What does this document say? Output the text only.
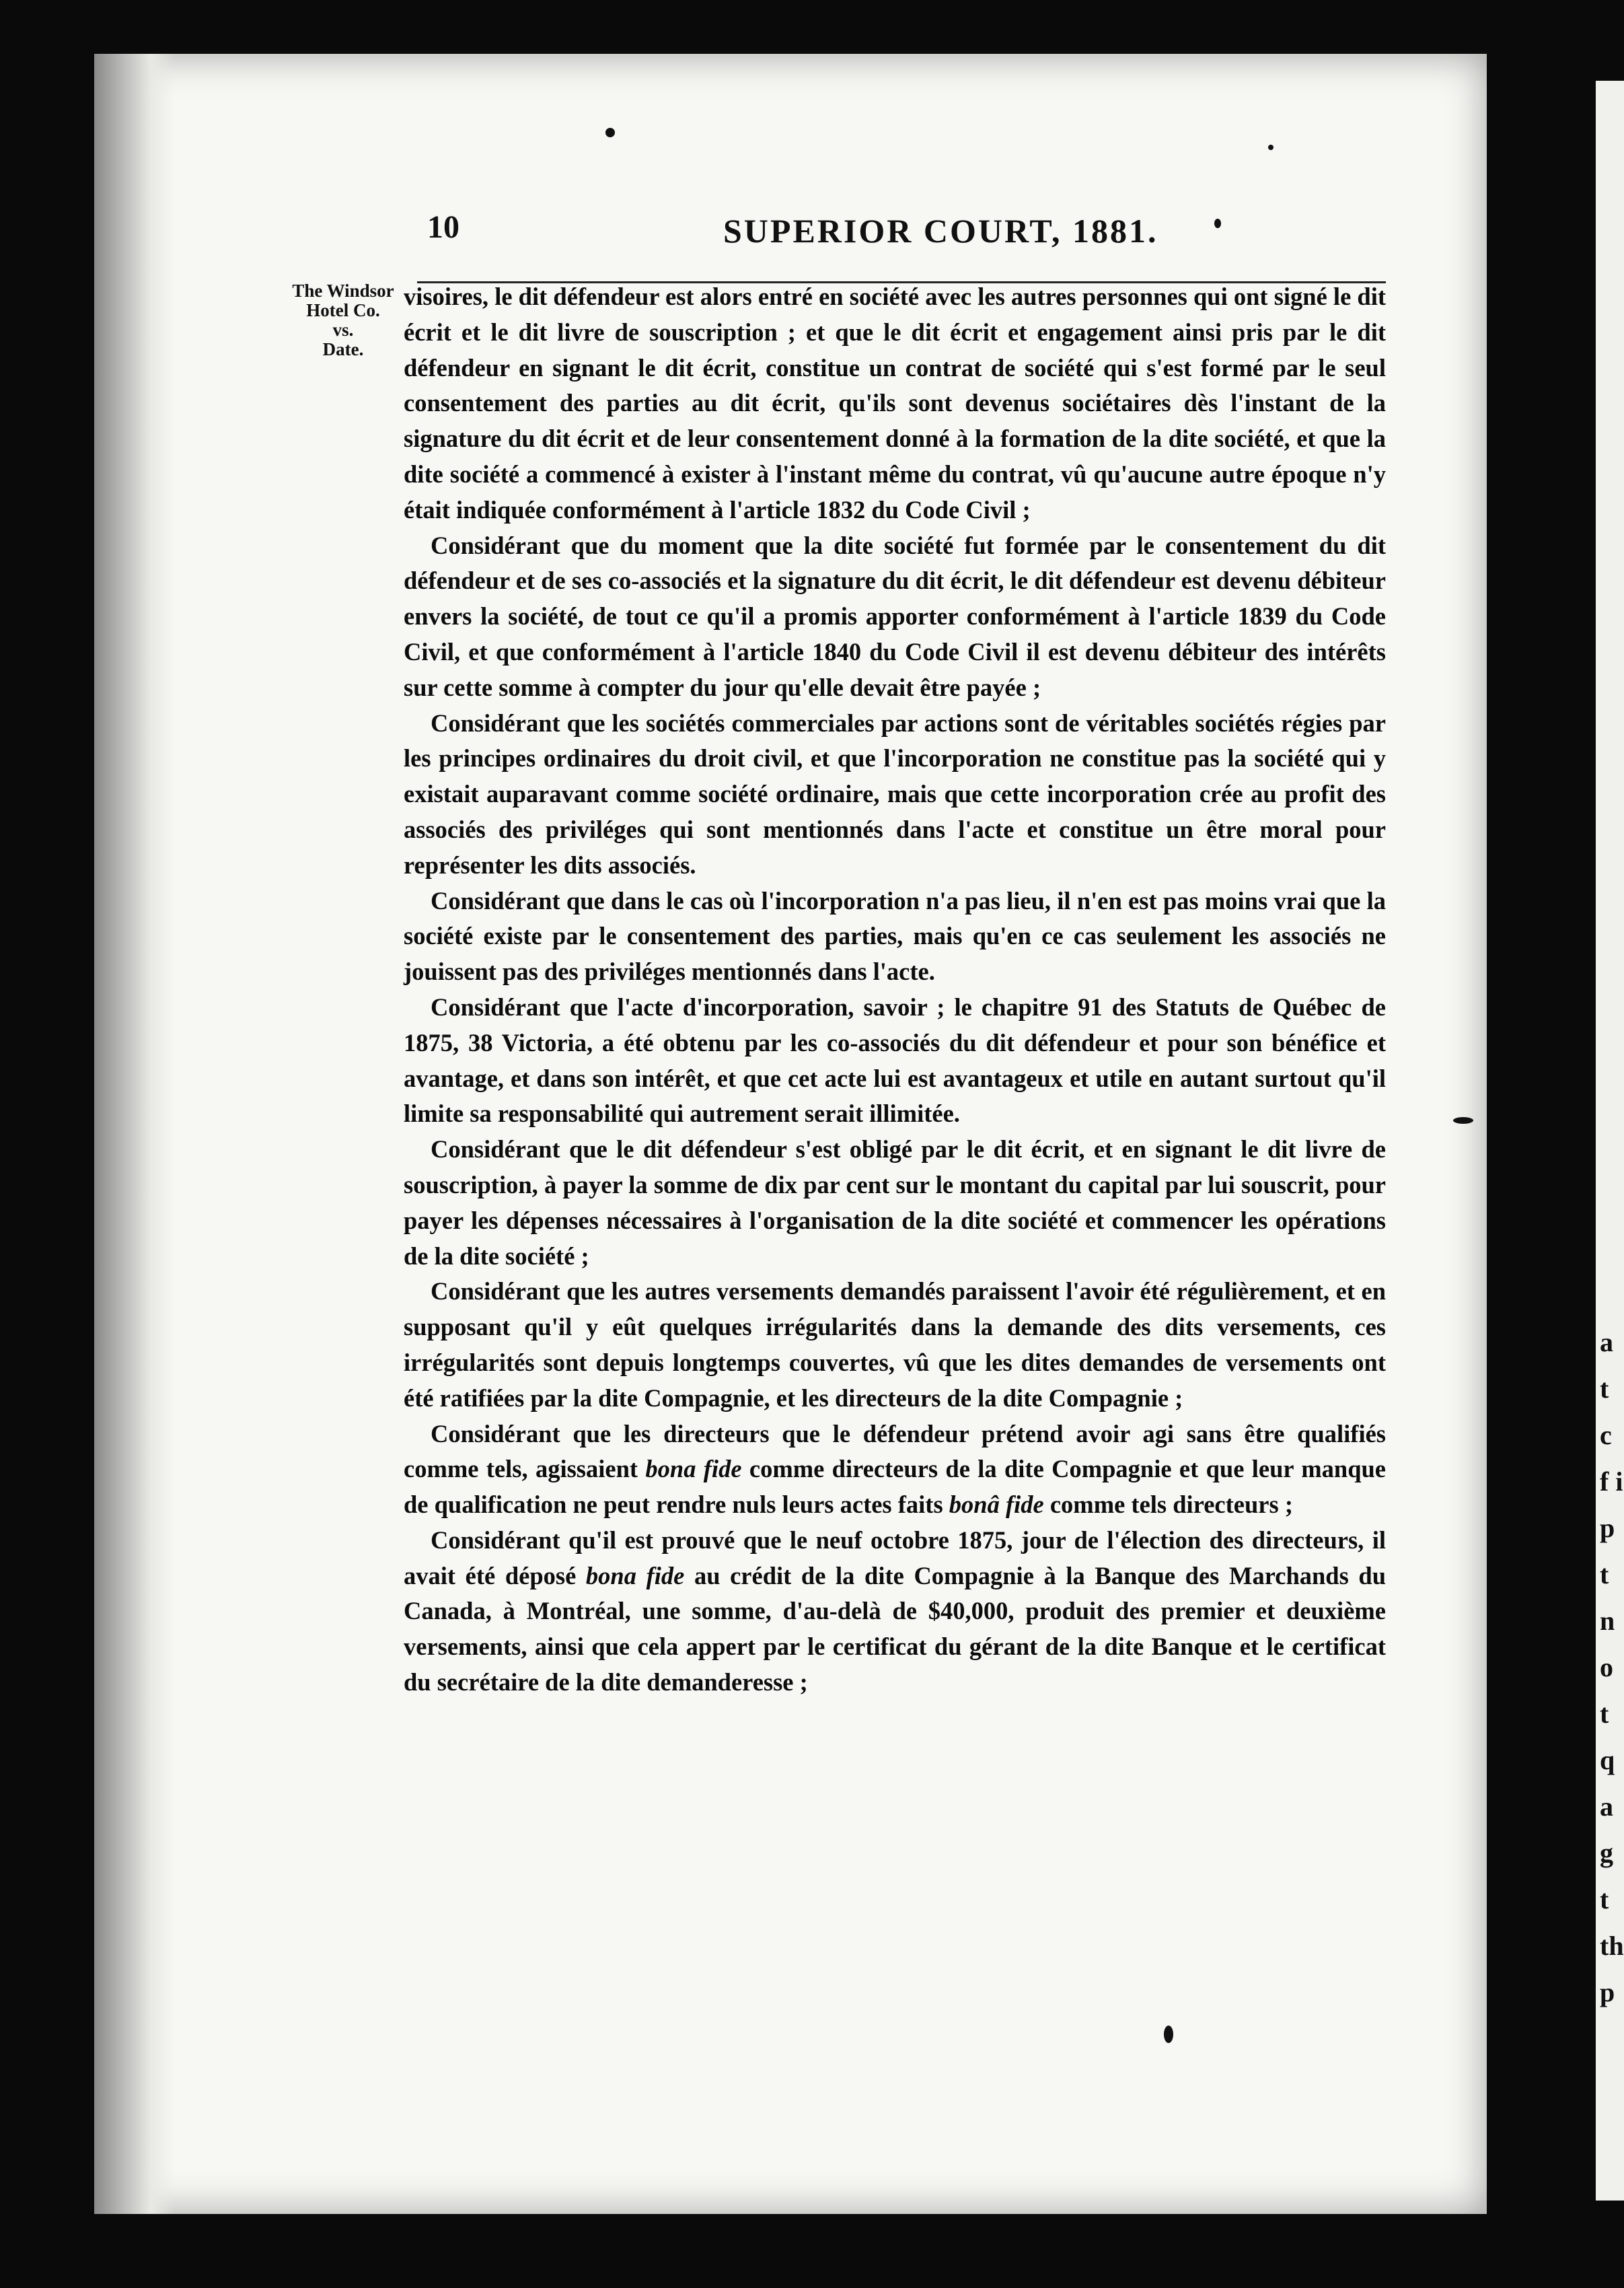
a t c f i p t n o t q a g t th p
10	SUPERIOR COURT, 1881.
The Windsor
Hotel Co.
vs.
Date.

visoires, le dit défendeur est alors entré en société avec les autres personnes qui ont signé le dit écrit et le dit livre de souscription ; et que le dit écrit et engagement ainsi pris par le dit défendeur en signant le dit écrit, constitue un contrat de société qui s'est formé par le seul consentement des parties au dit écrit, qu'ils sont devenus sociétaires dès l'instant de la signature du dit écrit et de leur consentement donné à la formation de la dite société, et que la dite société a commencé à exister à l'instant même du contrat, vû qu'aucune autre époque n'y était indiquée conformément à l'article 1832 du Code Civil ;

Considérant que du moment que la dite société fut formée par le consentement du dit défendeur et de ses co-associés et la signature du dit écrit, le dit défendeur est devenu débiteur envers la société, de tout ce qu'il a promis apporter conformément à l'article 1839 du Code Civil, et que conformément à l'article 1840 du Code Civil il est devenu débiteur des intérêts sur cette somme à compter du jour qu'elle devait être payée ;

Considérant que les sociétés commerciales par actions sont de véritables sociétés régies par les principes ordinaires du droit civil, et que l'incorporation ne constitue pas la société qui y existait auparavant comme société ordinaire, mais que cette incorporation crée au profit des associés des priviléges qui sont mentionnés dans l'acte et constitue un être moral pour représenter les dits associés.

Considérant que dans le cas où l'incorporation n'a pas lieu, il n'en est pas moins vrai que la société existe par le consentement des parties, mais qu'en ce cas seulement les associés ne jouissent pas des priviléges mentionnés dans l'acte.

Considérant que l'acte d'incorporation, savoir ; le chapitre 91 des Statuts de Québec de 1875, 38 Victoria, a été obtenu par les co-associés du dit défendeur et pour son bénéfice et avantage, et dans son intérêt, et que cet acte lui est avantageux et utile en autant surtout qu'il limite sa responsabilité qui autrement serait illimitée.

Considérant que le dit défendeur s'est obligé par le dit écrit, et en signant le dit livre de souscription, à payer la somme de dix par cent sur le montant du capital par lui souscrit, pour payer les dépenses nécessaires à l'organisation de la dite société et commencer les opérations de la dite société ;

Considérant que les autres versements demandés paraissent l'avoir été régulièrement, et en supposant qu'il y eût quelques irrégularités dans la demande des dits versements, ces irrégularités sont depuis longtemps couvertes, vû que les dites demandes de versements ont été ratifiées par la dite Compagnie, et les directeurs de la dite Compagnie ;

Considérant que les directeurs que le défendeur prétend avoir agi sans être qualifiés comme tels, agissaient bona fide comme directeurs de la dite Compagnie et que leur manque de qualification ne peut rendre nuls leurs actes faits bonâ fide comme tels directeurs ;

Considérant qu'il est prouvé que le neuf octobre 1875, jour de l'élection des directeurs, il avait été déposé bona fide au crédit de la dite Compagnie à la Banque des Marchands du Canada, à Montréal, une somme, d'au-delà de $40,000, produit des premier et deuxième versements, ainsi que cela appert par le certificat du gérant de la dite Banque et le certificat du secrétaire de la dite demanderesse ;
